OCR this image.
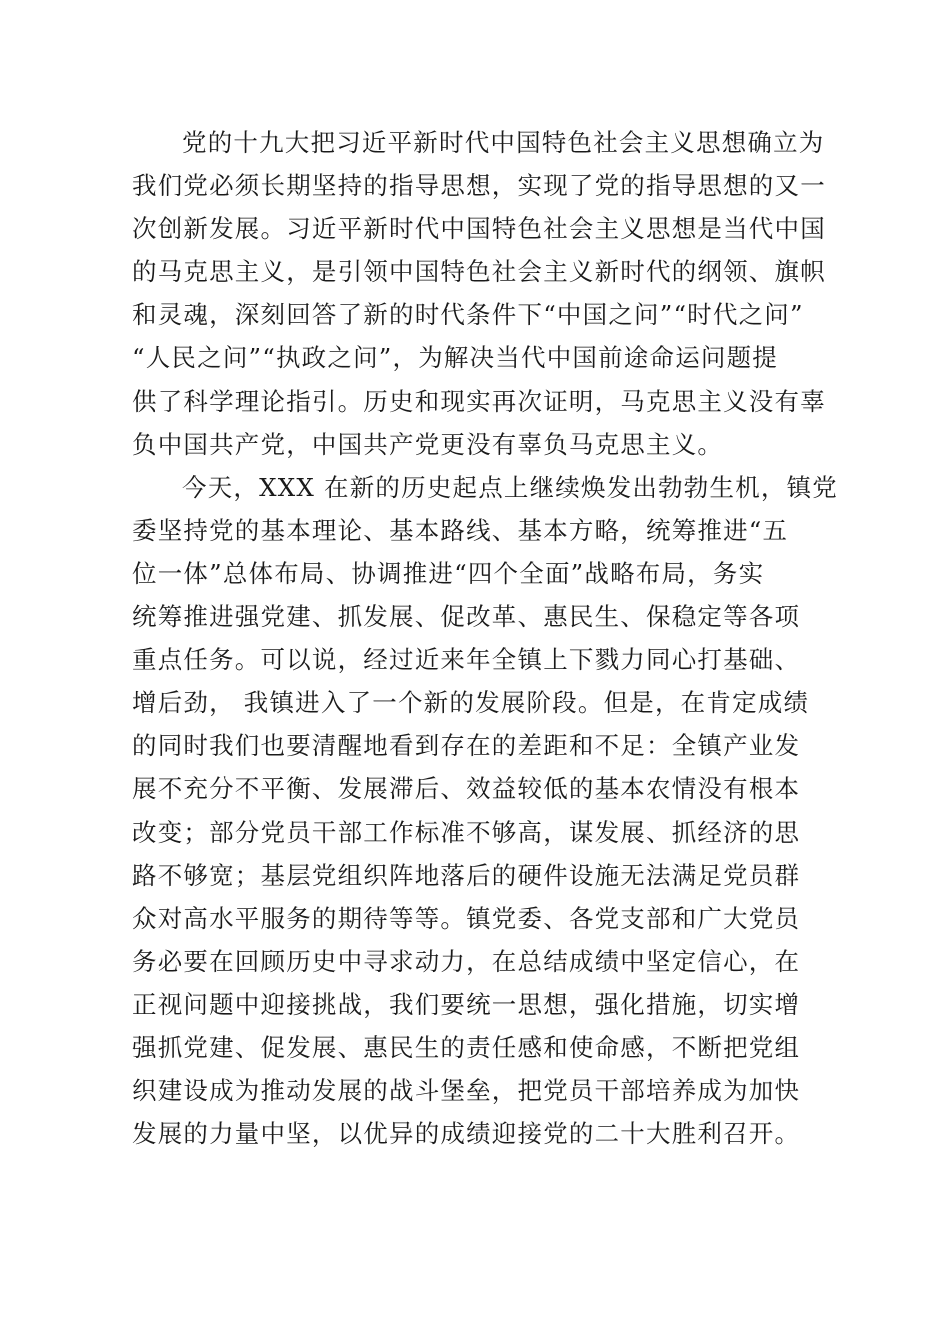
党的十九大把习近平新时代中国特色社会主义思想确立为
我们党必须长期坚持的指导思想，实现了党的指导思想的又一
次创新发展。习近平新时代中国特色社会主义思想是当代中国
的马克思主义，是引领中国特色社会主义新时代的纲领、旗帜
和灵魂，深刻回答了新的时代条件下“中国之问”“时代之问”
“人民之问”“执政之问”，为解决当代中国前途命运问题提
供了科学理论指引。历史和现实再次证明，马克思主义没有辜
负中国共产党，中国共产党更没有辜负马克思主义。
今天，XXX 在新的历史起点上继续焕发出勃勃生机，镇党
委坚持党的基本理论、基本路线、基本方略，统筹推进“五
位一体”总体布局、协调推进“四个全面”战略布局，务实
统筹推进强党建、抓发展、促改革、惠民生、保稳定等各项
重点任务。可以说，经过近来年全镇上下戮力同心打基础、
增后劲， 我镇进入了一个新的发展阶段。但是，在肯定成绩
的同时我们也要清醒地看到存在的差距和不足：全镇产业发
展不充分不平衡、发展滞后、效益较低的基本农情没有根本
改变；部分党员干部工作标准不够高，谋发展、抓经济的思
路不够宽；基层党组织阵地落后的硬件设施无法满足党员群
众对高水平服务的期待等等。镇党委、各党支部和广大党员
务必要在回顾历史中寻求动力，在总结成绩中坚定信心，在
正视问题中迎接挑战，我们要统一思想，强化措施，切实增
强抓党建、促发展、惠民生的责任感和使命感，不断把党组
织建设成为推动发展的战斗堡垒，把党员干部培养成为加快
发展的力量中坚，以优异的成绩迎接党的二十大胜利召开。
